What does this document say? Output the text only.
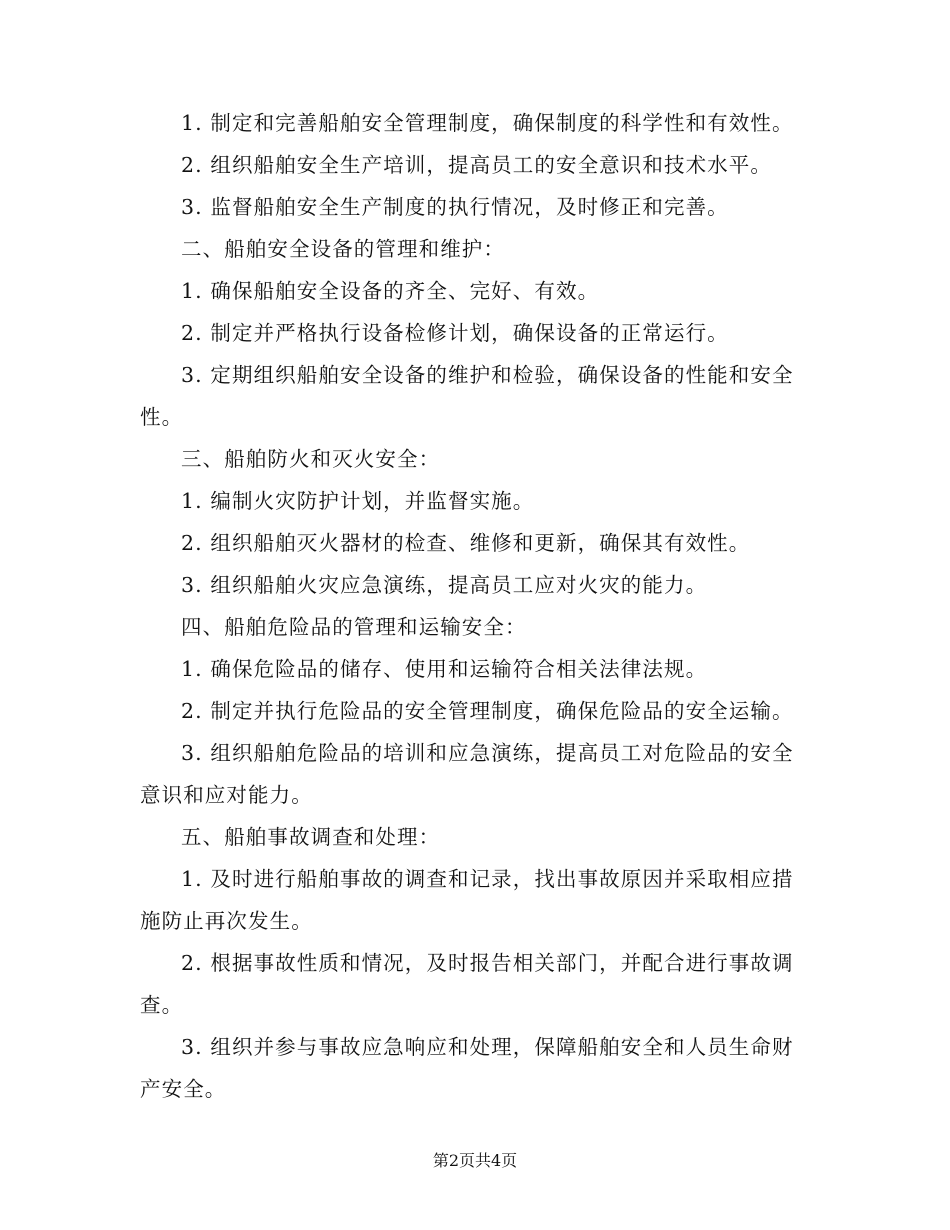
1. 制定和完善船舶安全管理制度，确保制度的科学性和有效性。

2. 组织船舶安全生产培训，提高员工的安全意识和技术水平。

3. 监督船舶安全生产制度的执行情况，及时修正和完善。

二、船舶安全设备的管理和维护：

1. 确保船舶安全设备的齐全、完好、有效。

2. 制定并严格执行设备检修计划，确保设备的正常运行。

3. 定期组织船舶安全设备的维护和检验，确保设备的性能和安全性。

三、船舶防火和灭火安全：

1. 编制火灾防护计划，并监督实施。

2. 组织船舶灭火器材的检查、维修和更新，确保其有效性。

3. 组织船舶火灾应急演练，提高员工应对火灾的能力。

四、船舶危险品的管理和运输安全：

1. 确保危险品的储存、使用和运输符合相关法律法规。

2. 制定并执行危险品的安全管理制度，确保危险品的安全运输。

3. 组织船舶危险品的培训和应急演练，提高员工对危险品的安全意识和应对能力。

五、船舶事故调查和处理：

1. 及时进行船舶事故的调查和记录，找出事故原因并采取相应措施防止再次发生。

2. 根据事故性质和情况，及时报告相关部门，并配合进行事故调查。

3. 组织并参与事故应急响应和处理，保障船舶安全和人员生命财产安全。

第2页共4页
